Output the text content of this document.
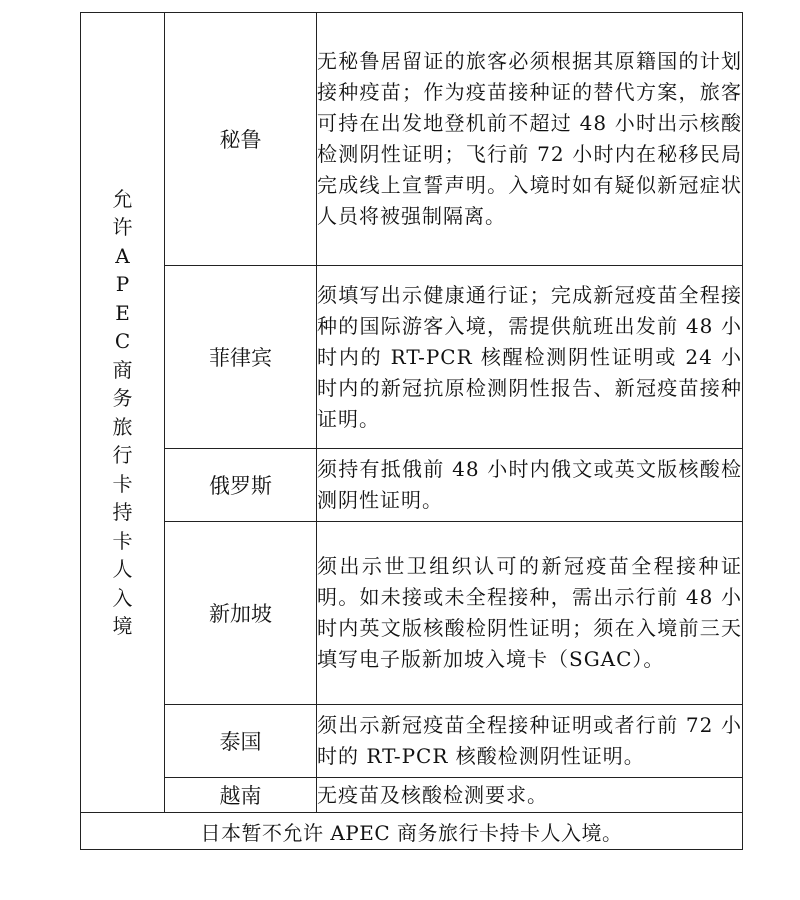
允许APEC商务旅行卡持卡人入境	秘鲁	无秘鲁居留证的旅客必须根据其原籍国的计划接种疫苗；作为疫苗接种证的替代方案，旅客可持在出发地登机前不超过 48 小时出示核酸检测阴性证明；飞行前 72 小时内在秘移民局完成线上宣誓声明。入境时如有疑似新冠症状人员将被强制隔离。
	菲律宾	须填写出示健康通行证；完成新冠疫苗全程接种的国际游客入境，需提供航班出发前 48 小时内的 RT-PCR 核醒检测阴性证明或 24 小时内的新冠抗原检测阴性报告、新冠疫苗接种证明。
	俄罗斯	须持有抵俄前 48 小时内俄文或英文版核酸检测阴性证明。
	新加坡	须出示世卫组织认可的新冠疫苗全程接种证明。如未接或未全程接种，需出示行前 48 小时内英文版核酸检阴性证明；须在入境前三天填写电子版新加坡入境卡（SGAC）。
	泰国	须出示新冠疫苗全程接种证明或者行前 72 小时的 RT-PCR 核酸检测阴性证明。
	越南	无疫苗及核酸检测要求。
日本暂不允许 APEC 商务旅行卡持卡人入境。		
